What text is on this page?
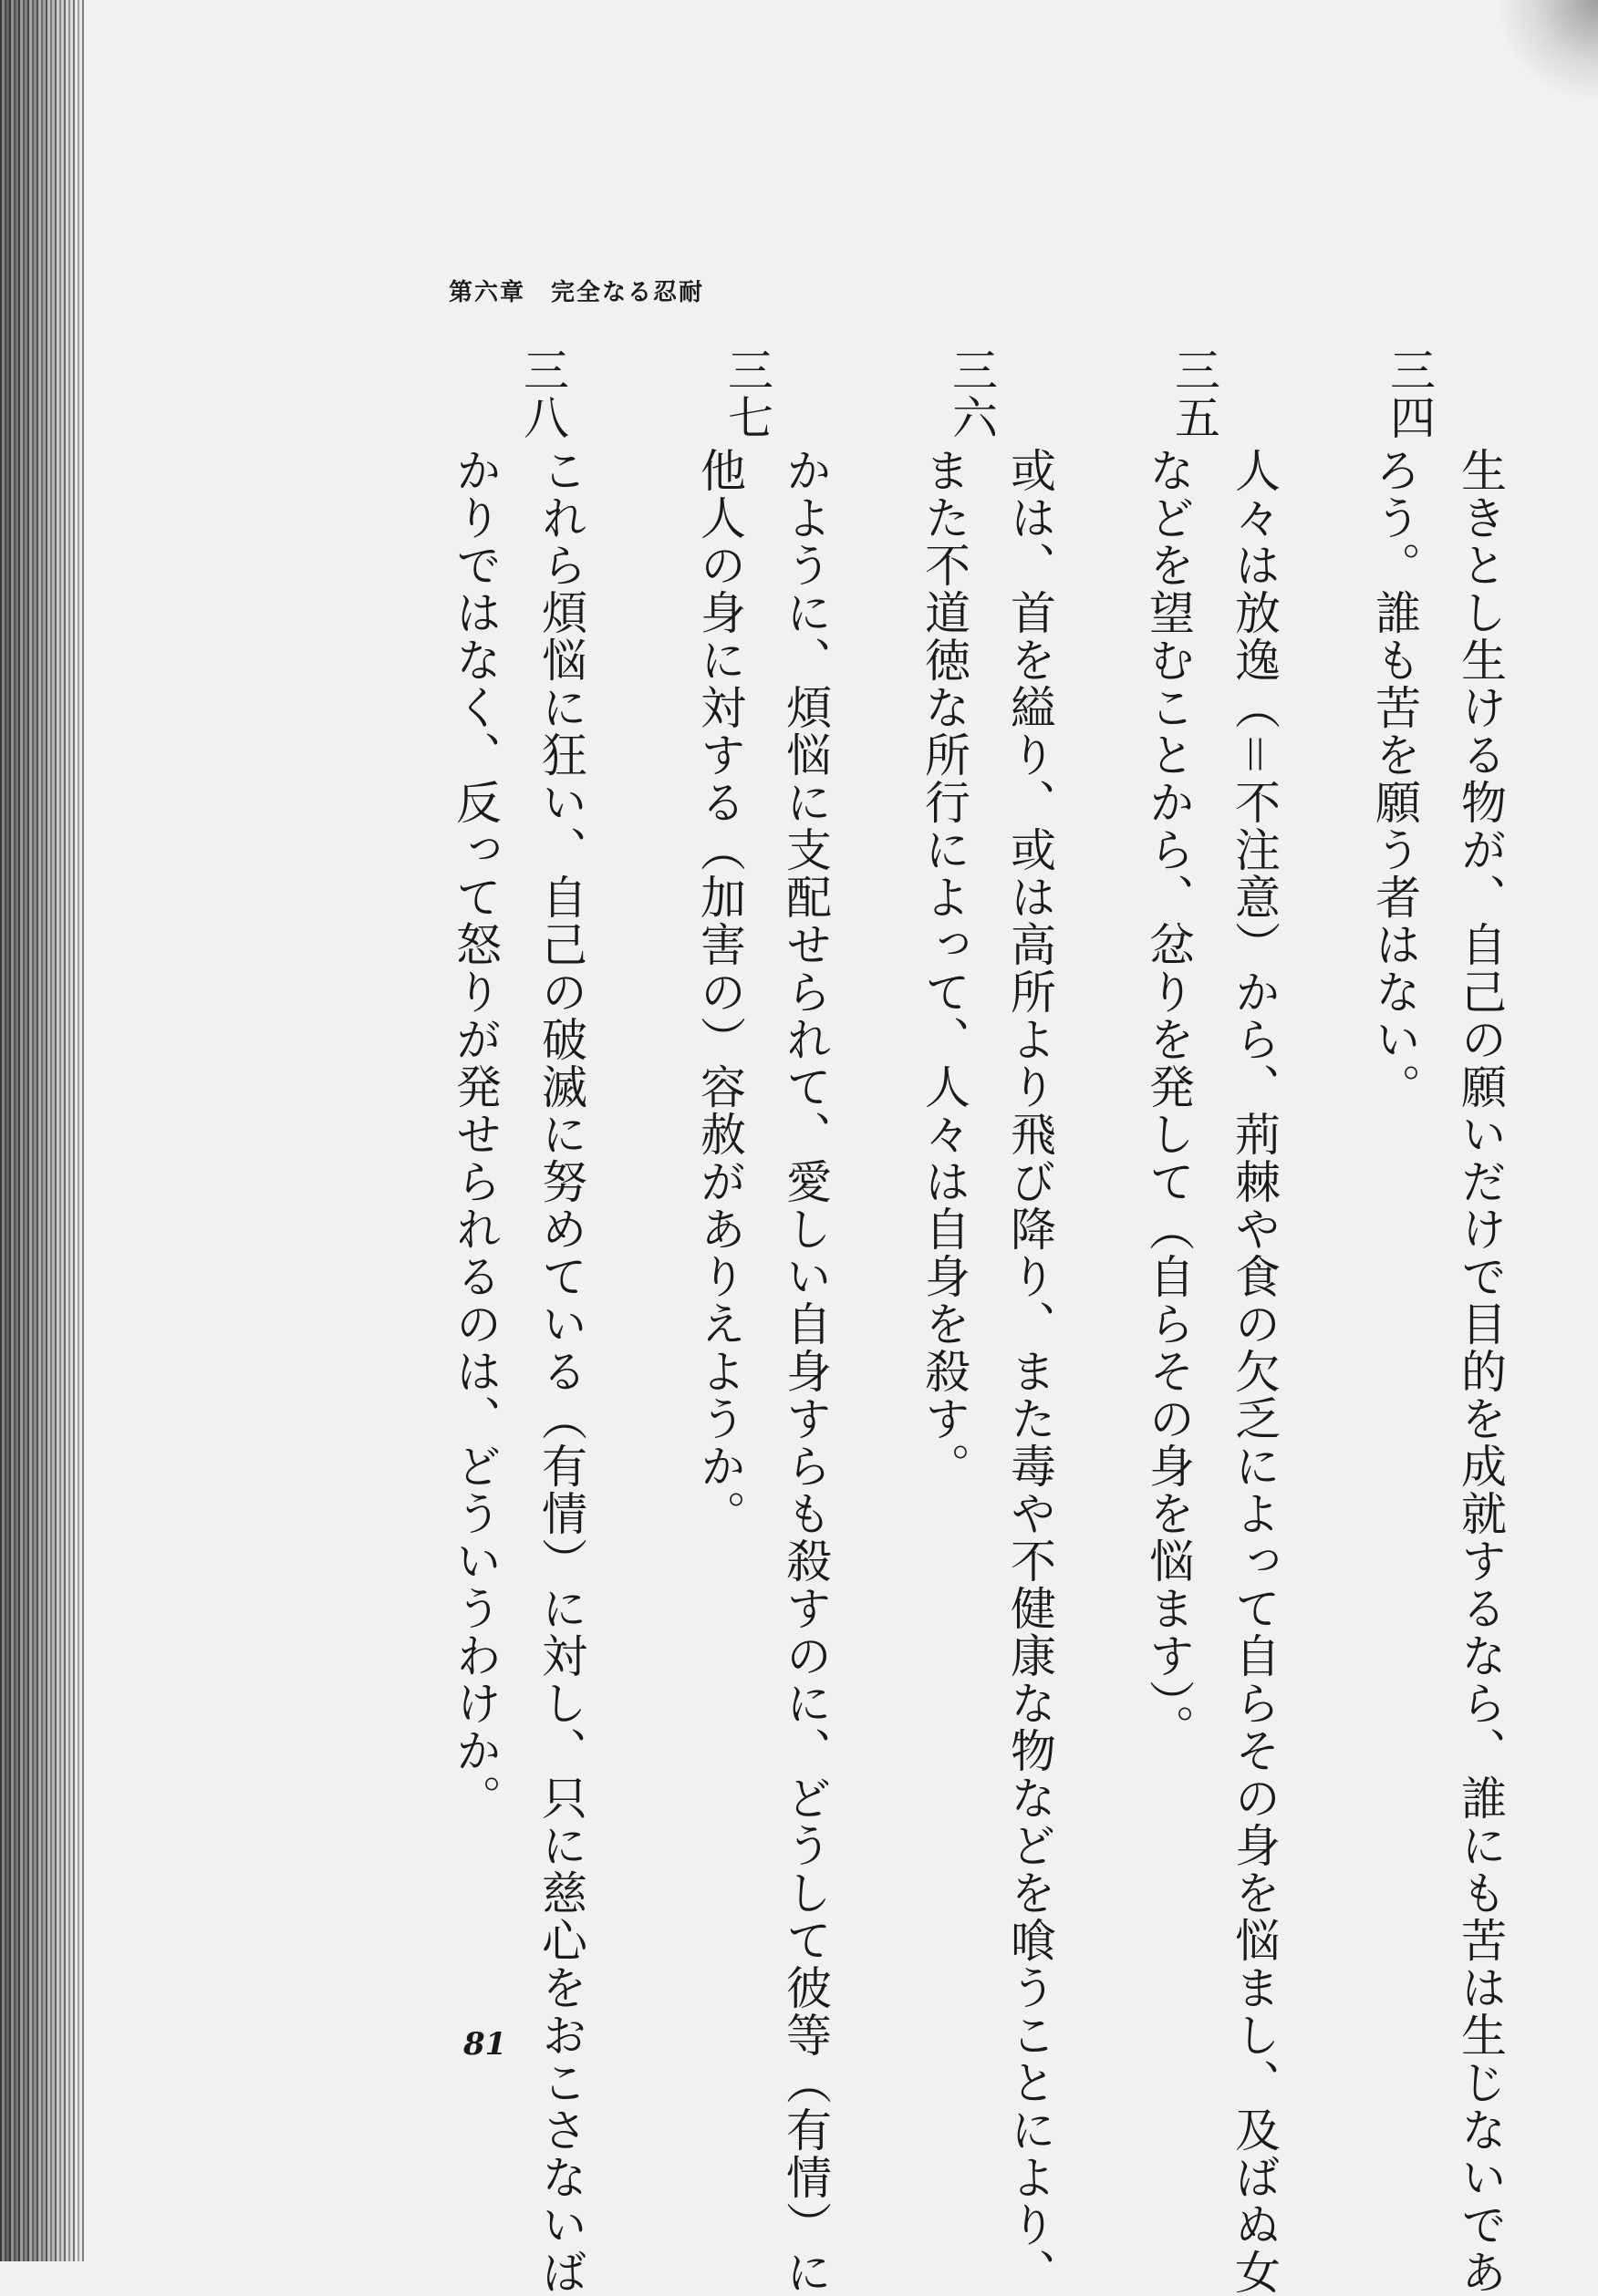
第六章　完全なる忍耐
三四
生きとし生ける物が、自己の願いだけで目的を成就するなら、誰にも苦は生じないであ
ろう。誰も苦を願う者はない。
三五
人々は放逸（＝不注意）から、荊棘や食の欠乏によって自らその身を悩まし、及ばぬ女
などを望むことから、忿りを発して（自らその身を悩ます）。
三六
或は、首を縊り、或は高所より飛び降り、また毒や不健康な物などを喰うことにより、
また不道徳な所行によって、人々は自身を殺す。
三七
かように、煩悩に支配せられて、愛しい自身すらも殺すのに、どうして彼等（有情）に
他人の身に対する（加害の）容赦がありえようか。
三八
これら煩悩に狂い、自己の破滅に努めている（有情）に対し、只に慈心をおこさないば
かりではなく、反って怒りが発せられるのは、どういうわけか。
81
